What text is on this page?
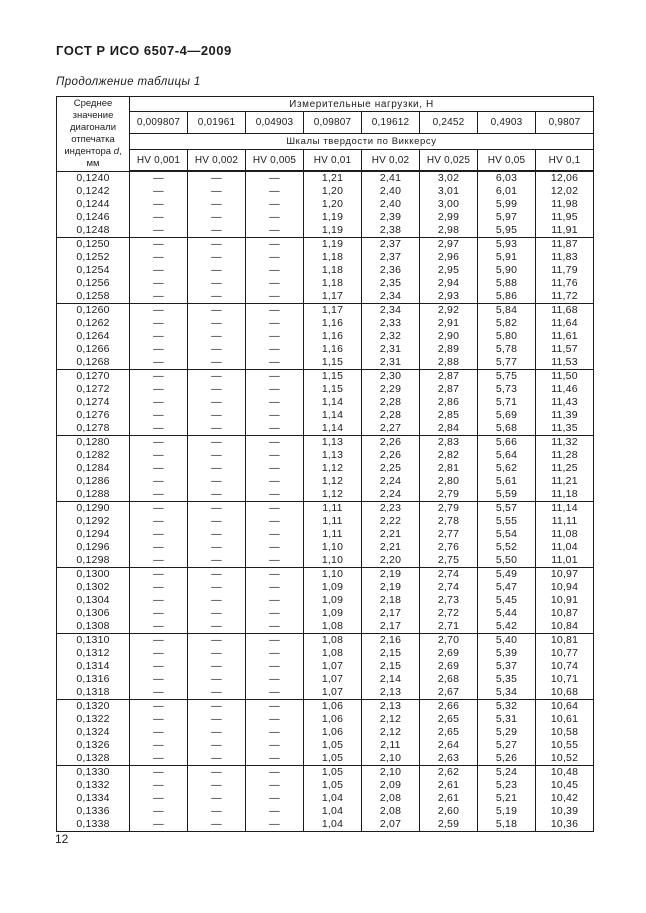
ГОСТ Р ИСО 6507-4—2009
Продолжение таблицы 1
Среднее значение диагонали отпечатка индентора d, мм	Измерительные нагрузки, Н							
	0,009807	0,01961	0,04903	0,09807	0,19612	0,2452	0,4903	0,9807
	Шкалы твердости по Виккерсу							
	HV 0,001	HV 0,002	HV 0,005	HV 0,01	HV 0,02	HV 0,025	HV 0,05	HV 0,1
0,1240	—	—	—	1,21	2,41	3,02	6,03	12,06
0,1242	—	—	—	1,20	2,40	3,01	6,01	12,02
0,1244	—	—	—	1,20	2,40	3,00	5,99	11,98
0,1246	—	—	—	1,19	2,39	2,99	5,97	11,95
0,1248	—	—	—	1,19	2,38	2,98	5,95	11,91
0,1250	—	—	—	1,19	2,37	2,97	5,93	11,87
0,1252	—	—	—	1,18	2,37	2,96	5,91	11,83
0,1254	—	—	—	1,18	2,36	2,95	5,90	11,79
0,1256	—	—	—	1,18	2,35	2,94	5,88	11,76
0,1258	—	—	—	1,17	2,34	2,93	5,86	11,72
0,1260	—	—	—	1,17	2,34	2,92	5,84	11,68
0,1262	—	—	—	1,16	2,33	2,91	5,82	11,64
0,1264	—	—	—	1,16	2,32	2,90	5,80	11,61
0,1266	—	—	—	1,16	2,31	2,89	5,78	11,57
0,1268	—	—	—	1,15	2,31	2,88	5,77	11,53
0,1270	—	—	—	1,15	2,30	2,87	5,75	11,50
0,1272	—	—	—	1,15	2,29	2,87	5,73	11,46
0,1274	—	—	—	1,14	2,28	2,86	5,71	11,43
0,1276	—	—	—	1,14	2,28	2,85	5,69	11,39
0,1278	—	—	—	1,14	2,27	2,84	5,68	11,35
0,1280	—	—	—	1,13	2,26	2,83	5,66	11,32
0,1282	—	—	—	1,13	2,26	2,82	5,64	11,28
0,1284	—	—	—	1,12	2,25	2,81	5,62	11,25
0,1286	—	—	—	1,12	2,24	2,80	5,61	11,21
0,1288	—	—	—	1,12	2,24	2,79	5,59	11,18
0,1290	—	—	—	1,11	2,23	2,79	5,57	11,14
0,1292	—	—	—	1,11	2,22	2,78	5,55	11,11
0,1294	—	—	—	1,11	2,21	2,77	5,54	11,08
0,1296	—	—	—	1,10	2,21	2,76	5,52	11,04
0,1298	—	—	—	1,10	2,20	2,75	5,50	11,01
0,1300	—	—	—	1,10	2,19	2,74	5,49	10,97
0,1302	—	—	—	1,09	2,19	2,74	5,47	10,94
0,1304	—	—	—	1,09	2,18	2,73	5,45	10,91
0,1306	—	—	—	1,09	2,17	2,72	5,44	10,87
0,1308	—	—	—	1,08	2,17	2,71	5,42	10,84
0,1310	—	—	—	1,08	2,16	2,70	5,40	10,81
0,1312	—	—	—	1,08	2,15	2,69	5,39	10,77
0,1314	—	—	—	1,07	2,15	2,69	5,37	10,74
0,1316	—	—	—	1,07	2,14	2,68	5,35	10,71
0,1318	—	—	—	1,07	2,13	2,67	5,34	10,68
0,1320	—	—	—	1,06	2,13	2,66	5,32	10,64
0,1322	—	—	—	1,06	2,12	2,65	5,31	10,61
0,1324	—	—	—	1,06	2,12	2,65	5,29	10,58
0,1326	—	—	—	1,05	2,11	2,64	5,27	10,55
0,1328	—	—	—	1,05	2,10	2,63	5,26	10,52
0,1330	—	—	—	1,05	2,10	2,62	5,24	10,48
0,1332	—	—	—	1,05	2,09	2,61	5,23	10,45
0,1334	—	—	—	1,04	2,08	2,61	5,21	10,42
0,1336	—	—	—	1,04	2,08	2,60	5,19	10,39
0,1338	—	—	—	1,04	2,07	2,59	5,18	10,36
12
